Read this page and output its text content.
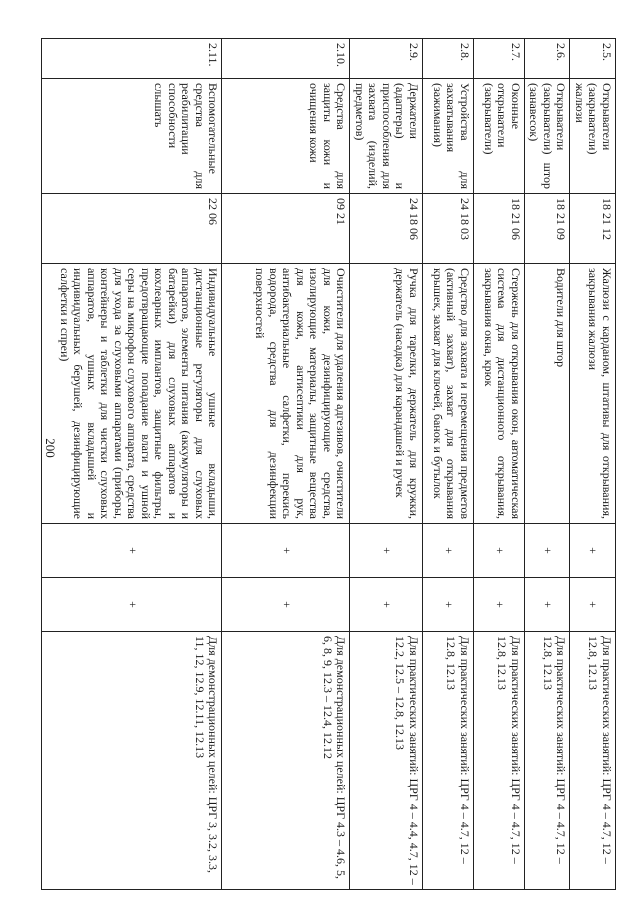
200
2.5.	Открыватели (закрыватели) жалюзи	18 21 12	Жалюзи с карданом, штативы для открывания, закрывания жалюзи	+	+	Для практических занятий: ЦРГ 4 – 4.7, 12 – 12.8, 12.13
2.6.	Открыватели (закрыватели) штор (занавесок)	18 21 09	Водители для штор	+	+	Для практических занятий: ЦРГ 4 – 4.7, 12 – 12.8, 12.13
2.7.	Оконные открыватели (закрыватели)	18 21 06	Стержень для открывания окон, автоматическая система для дистанционного открывания, закрывания окна, крюк	+	+	Для практических занятий: ЦРГ 4 – 4.7, 12 – 12.8, 12.13
2.8.	Устройства для захватывания (зажимания)	24 18 03	Средство для захвата и перемещения предметов (активный захват), захват для открывания крышек, захват для ключей, банок и бутылок	+	+	Для практических занятий: ЦРГ 4 – 4.7, 12 – 12.8, 12.13
2.9.	Держатели (адаптеры) и приспособления для захвата (изделий, предметов)	24 18 06	Ручка для тарелки, держатель для кружки, держатель (насадка) для карандашей и ручек	+	+	Для практических занятий: ЦРГ 4 – 4.4, 4.7, 12 – 12.2, 12.5 – 12.8, 12.13
2.10.	Средства для защиты кожи и очищения кожи	09 21	Очистители для удаления адгезивов, очистители для кожи, дезинфицирующие средства, изолирующие материалы, защитные вещества для кожи, антисептики для рук, антибактериальные салфетки, перекись водорода, средства для дезинфекции поверхностей	+	+	Для демонстрационных целей: ЦРГ 4.3 – 4.6, 5, 6, 8, 9, 12.3 – 12.4, 12.12
2.11.	Вспомогательные средства для реабилитации способности слышать	22 06	Индивидуальные ушные вкладыши, дистанционные регуляторы для слуховых аппаратов, элементы питания (аккумуляторы и батарейки) для слуховых аппаратов и кохлеарных имплантов, защитные фильтры, предотвращающие попадание влаги и ушной серы на микрофон слухового аппарата, средства для ухода за слуховыми аппаратами (приборы, контейнеры и таблетки для чистки слуховых аппаратов, ушных вкладышей и индивидуальных берушей, дезинфицирующие салфетки и спреи)	+	+	Для демонстрационных целей: ЦРГ 3, 3.2, 3.3, 11, 12, 12.9, 12.11, 12.13
